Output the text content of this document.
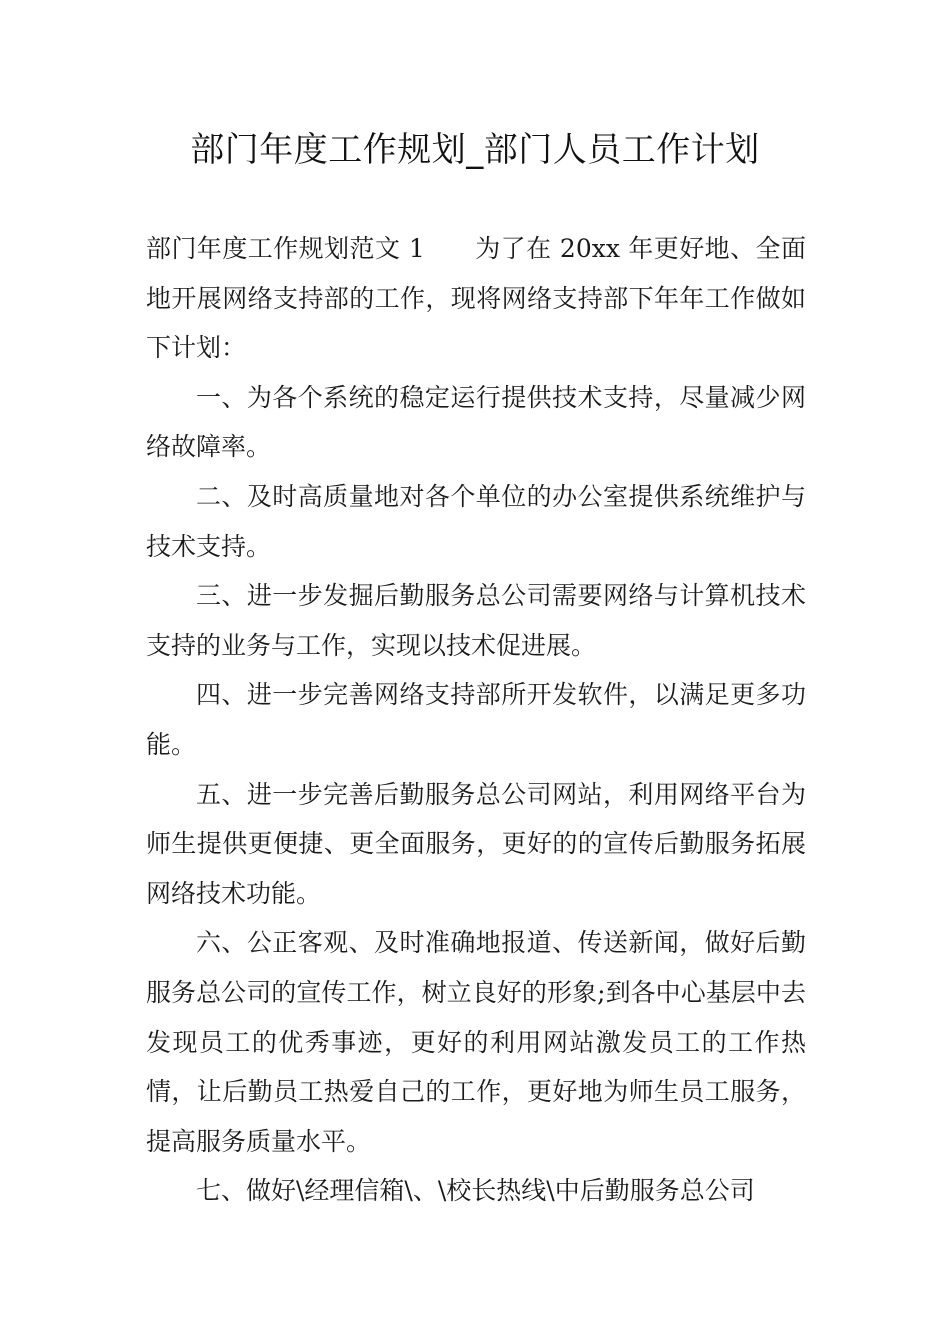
部门年度工作规划_部门人员工作计划

部门年度工作规划范文 1 为了在 20xx 年更好地、全面地开展网络支持部的工作，现将网络支持部下年年工作做如下计划：

一、为各个系统的稳定运行提供技术支持，尽量减少网络故障率。

二、及时高质量地对各个单位的办公室提供系统维护与技术支持。

三、进一步发掘后勤服务总公司需要网络与计算机技术支持的业务与工作，实现以技术促进展。

四、进一步完善网络支持部所开发软件，以满足更多功能。

五、进一步完善后勤服务总公司网站，利用网络平台为师生提供更便捷、更全面服务，更好的的宣传后勤服务拓展网络技术功能。

六、公正客观、及时准确地报道、传送新闻，做好后勤服务总公司的宣传工作，树立良好的形象;到各中心基层中去发现员工的优秀事迹，更好的利用网站激发员工的工作热情，让后勤员工热爱自己的工作，更好地为师生员工服务，提高服务质量水平。

七、做好\经理信箱\、\校长热线\中后勤服务总公司
